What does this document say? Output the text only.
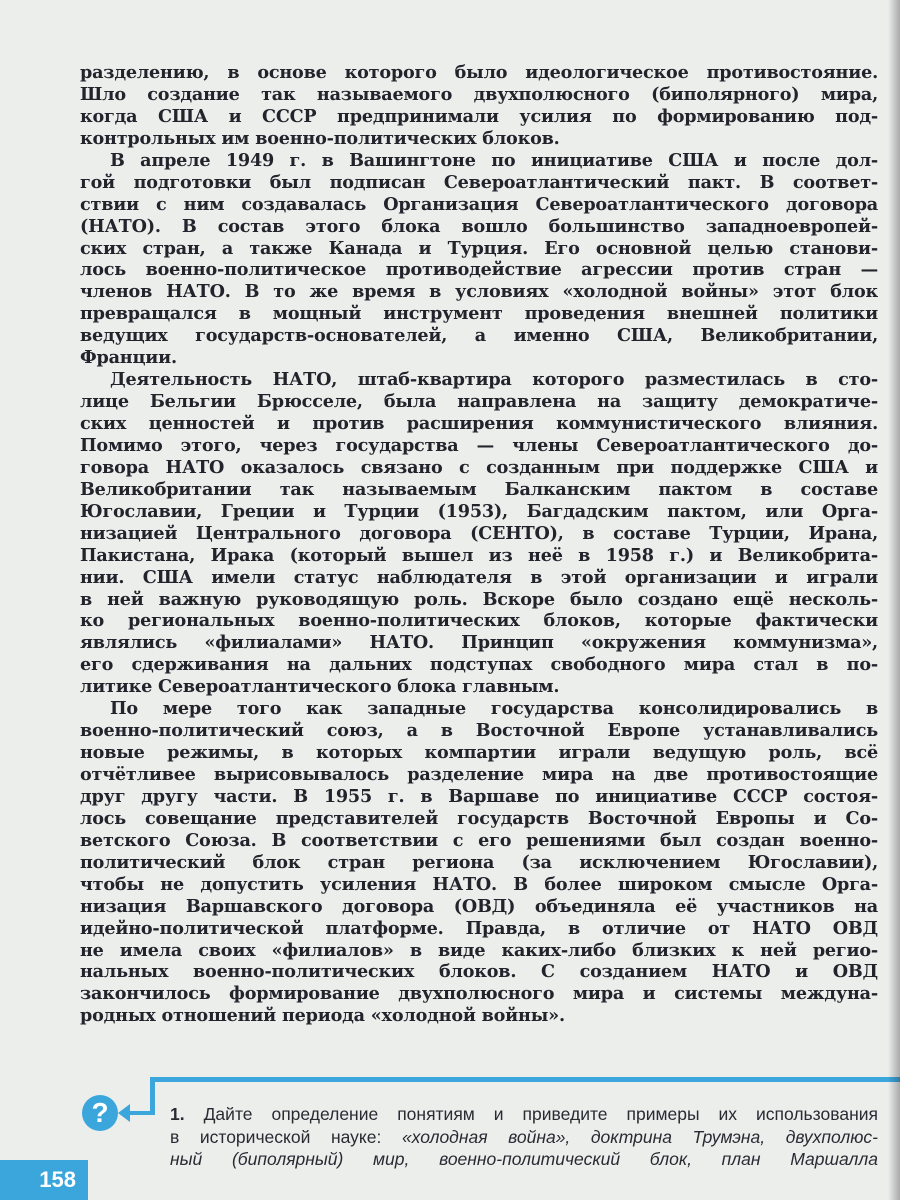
разделению, в основе которого было идеологическое противостояние.
Шло создание так называемого двухполюсного (биполярного) мира,
когда США и СССР предпринимали усилия по формированию под-
контрольных им военно-политических блоков.
В апреле 1949 г. в Вашингтоне по инициативе США и после дол-
гой подготовки был подписан Североатлантический пакт. В соответ-
ствии с ним создавалась Организация Североатлантического договора
(НАТО). В состав этого блока вошло большинство западноевропей-
ских стран, а также Канада и Турция. Его основной целью станови-
лось военно-политическое противодействие агрессии против стран —
членов НАТО. В то же время в условиях «холодной войны» этот блок
превращался в мощный инструмент проведения внешней политики
ведущих государств-основателей, а именно США, Великобритании,
Франции.
Деятельность НАТО, штаб-квартира которого разместилась в сто-
лице Бельгии Брюсселе, была направлена на защиту демократиче-
ских ценностей и против расширения коммунистического влияния.
Помимо этого, через государства — члены Североатлантического до-
говора НАТО оказалось связано с созданным при поддержке США и
Великобритании так называемым Балканским пактом в составе
Югославии, Греции и Турции (1953), Багдадским пактом, или Орга-
низацией Центрального договора (СЕНТО), в составе Турции, Ирана,
Пакистана, Ирака (который вышел из неё в 1958 г.) и Великобрита-
нии. США имели статус наблюдателя в этой организации и играли
в ней важную руководящую роль. Вскоре было создано ещё несколь-
ко региональных военно-политических блоков, которые фактически
являлись «филиалами» НАТО. Принцип «окружения коммунизма»,
его сдерживания на дальних подступах свободного мира стал в по-
литике Североатлантического блока главным.
По мере того как западные государства консолидировались в
военно-политический союз, а в Восточной Европе устанавливались
новые режимы, в которых компартии играли ведущую роль, всё
отчётливее вырисовывалось разделение мира на две противостоящие
друг другу части. В 1955 г. в Варшаве по инициативе СССР состоя-
лось совещание представителей государств Восточной Европы и Со-
ветского Союза. В соответствии с его решениями был создан военно-
политический блок стран региона (за исключением Югославии),
чтобы не допустить усиления НАТО. В более широком смысле Орга-
низация Варшавского договора (ОВД) объединяла её участников на
идейно-политической платформе. Правда, в отличие от НАТО ОВД
не имела своих «филиалов» в виде каких-либо близких к ней регио-
нальных военно-политических блоков. С созданием НАТО и ОВД
закончилось формирование двухполюсного мира и системы междуна-
родных отношений периода «холодной войны».
?	1. Дайте определение понятиям и приведите примеры их использования
в исторической науке: «холодная война», доктрина Трумэна, двухполюс-
ный (биполярный) мир, военно-политический блок, план Маршалла
158
